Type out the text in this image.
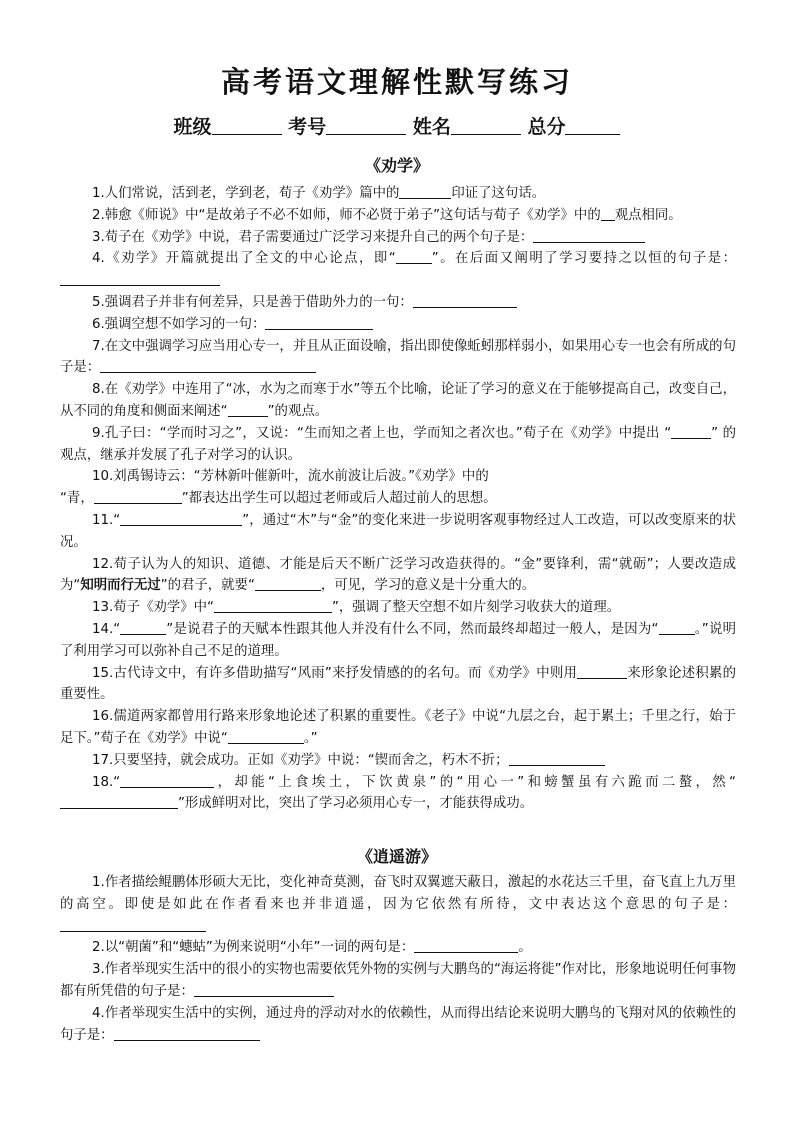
高考语文理解性默写练习
班级	考号	姓名	总分
《劝学》

1.人们常说，活到老，学到老，荀子《劝学》篇中的	印证了这句话。

2.韩愈《师说》中“是故弟子不必不如师，师不必贤于弟子”这句话与荀子《劝学》中的 观点相同。

3.荀子在《劝学》中说，君子需要通过广泛学习来提升自己的两个句子是：

4.《劝学》开篇就提出了全文的中心论点，即“	”。在后面又阐明了学习要持之以恒的句子是：

5.强调君子并非有何差异，只是善于借助外力的一句：

6.强调空想不如学习的一句：

7.在文中强调学习应当用心专一，并且从正面设喻，指出即使像蚯蚓那样弱小，如果用心专一也会有所成的句子是：

8.在《劝学》中连用了“冰，水为之而寒于水”等五个比喻，论证了学习的意义在于能够提高自己，改变自己，从不同的角度和侧面来阐述“	”的观点。

9.孔子曰：“学而时习之”，又说：“生而知之者上也，学而知之者次也。”荀子在《劝学》中提出 “	” 的观点，继承并发展了孔子对学习的认识。

10.刘禹锡诗云：“芳林新叶催新叶，流水前波让后波。”《劝学》中的
“青，	”都表达出学生可以超过老师或后人超过前人的思想。

11.“	”，通过“木”与“金”的变化来进一步说明客观事物经过人工改造，可以改变原来的状况。

12.荀子认为人的知识、道德、才能是后天不断广泛学习改造获得的。“金”要锋利，需“就砺”；人要改造成为“知明而行无过”的君子，就要“	，可见，学习的意义是十分重大的。

13.荀子《劝学》中“	”，强调了整天空想不如片刻学习收获大的道理。

14.“	”是说君子的天赋本性跟其他人并没有什么不同，然而最终却超过一般人，是因为“	。”说明了利用学习可以弥补自己不足的道理。

15.古代诗文中，有许多借助描写“风雨”来抒发情感的的名句。而《劝学》中则用	来形象论述积累的重要性。

16.儒道两家都曾用行路来形象地论述了积累的重要性。《老子》中说“九层之台，起于累土；千里之行，始于足下。”荀子在《劝学》中说“	。”

17.只要坚持，就会成功。正如《劝学》中说：“锲而舍之，朽木不折；

18.“	，却能“上食埃土，下饮黄泉”的“用心一”和螃蟹虽有六跪而二螯，然“”形成鲜明对比，突出了学习必须用心专一，才能获得成功。

《逍遥游》

1.作者描绘鲲鹏体形硕大无比，变化神奇莫测，奋飞时双翼遮天蔽日，激起的水花达三千里，奋飞直上九万里的高空。即使是如此在作者看来也并非逍遥，因为它依然有所待，文中表达这个意思的句子是：

2.以“朝菌”和“蟪蛄”为例来说明“小年”一词的两句是：	。

3.作者举现实生活中的很小的实物也需要依凭外物的实例与大鹏鸟的“海运将徙”作对比，形象地说明任何事物都有所凭借的句子是：

4.作者举现实生活中的实例，通过舟的浮动对水的依赖性，从而得出结论来说明大鹏鸟的飞翔对风的依赖性的句子是：
